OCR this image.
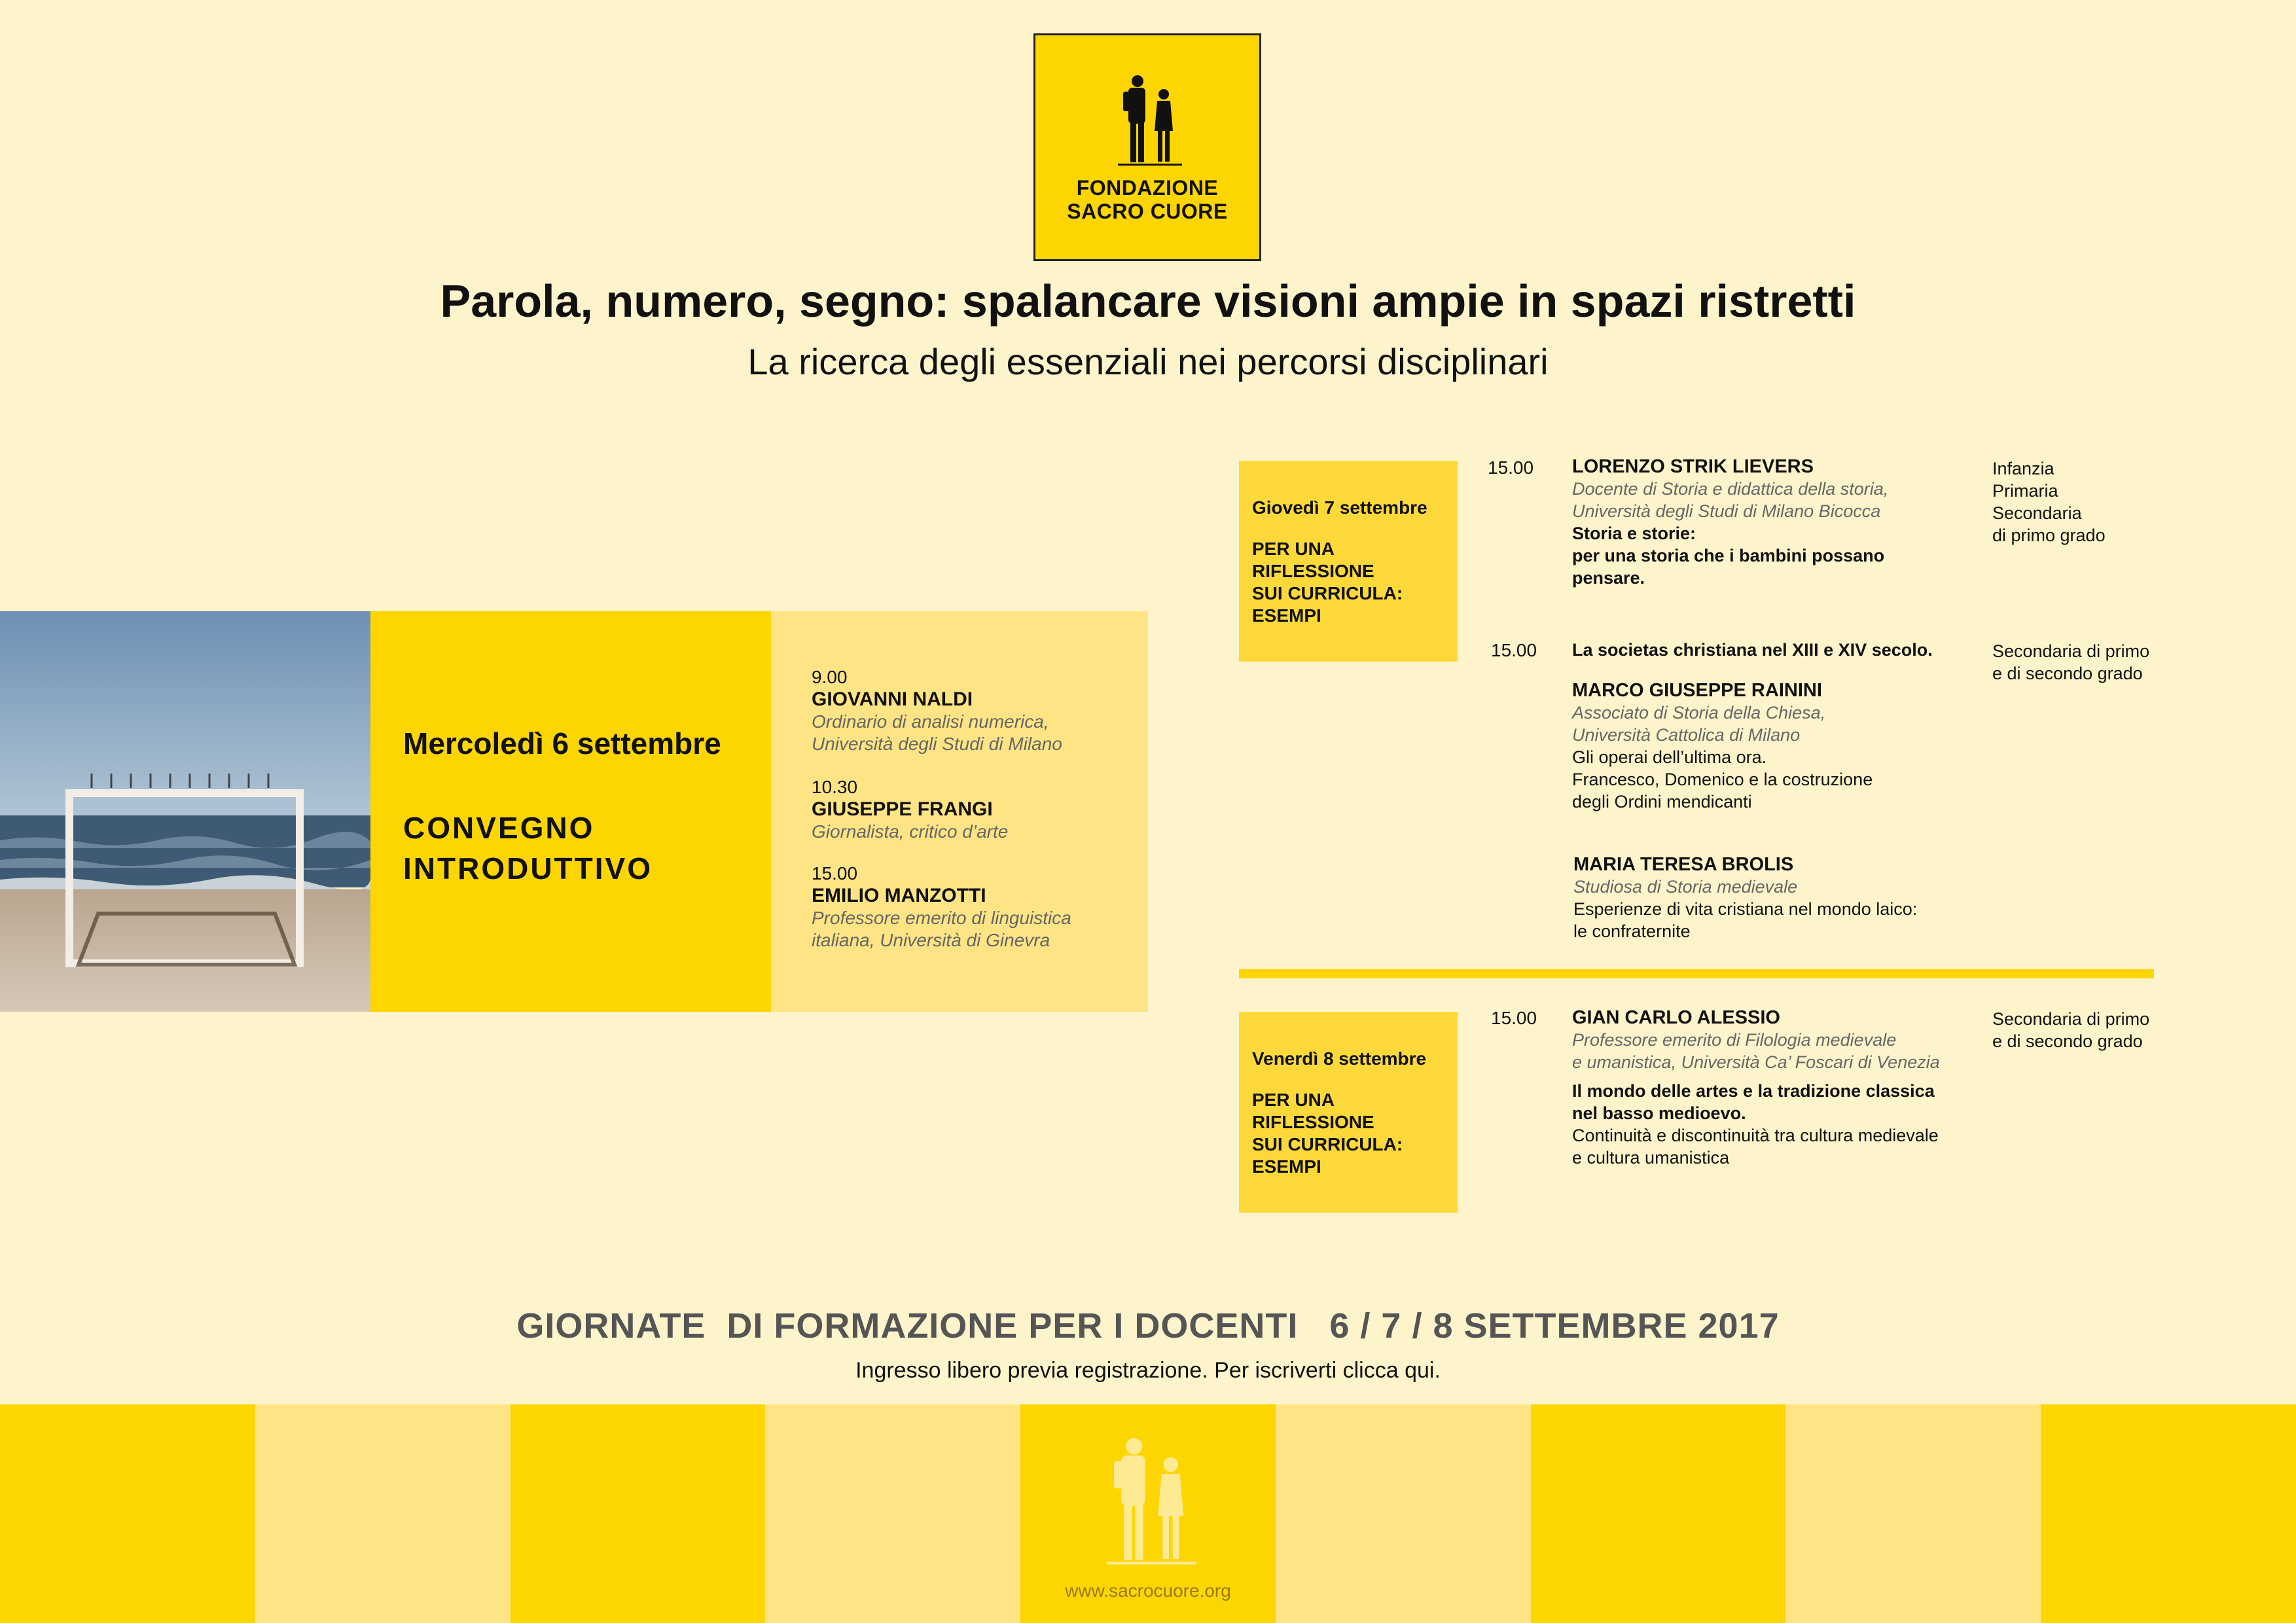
FONDAZIONE
SACRO CUORE
Parola, numero, segno: spalancare visioni ampie in spazi ristretti
La ricerca degli essenziali nei percorsi disciplinari
Mercoledì 6 settembre
CONVEGNO
INTRODUTTIVO
9.00
GIOVANNI NALDI
Ordinario di analisi numerica,
Università degli Studi di Milano
10.30
GIUSEPPE FRANGI
Giornalista, critico d’arte
15.00
EMILIO MANZOTTI
Professore emerito di linguistica
italiana, Università di Ginevra
Giovedì 7 settembre
PER UNA
RIFLESSIONE
SUI CURRICULA:
ESEMPI
15.00 LORENZO STRIK LIEVERS
Docente di Storia e didattica della storia,
Università degli Studi di Milano Bicocca
Storia e storie:
per una storia che i bambini possano
pensare.
Infanzia
Primaria
Secondaria
di primo grado
15.00 La societas christiana nel XIII e XIV secolo.
MARCO GIUSEPPE RAININI
Associato di Storia della Chiesa,
Università Cattolica di Milano
Gli operai dell’ultima ora.
Francesco, Domenico e la costruzione
degli Ordini mendicanti
MARIA TERESA BROLIS
Studiosa di Storia medievale
Esperienze di vita cristiana nel mondo laico:
le confraternite
Secondaria di primo
e di secondo grado
Venerdì 8 settembre
PER UNA
RIFLESSIONE
SUI CURRICULA:
ESEMPI
15.00 GIAN CARLO ALESSIO
Professore emerito di Filologia medievale
e umanistica, Università Ca’ Foscari di Venezia
Il mondo delle artes e la tradizione classica
nel basso medioevo.
Continuità e discontinuità tra cultura medievale
e cultura umanistica
Secondaria di primo
e di secondo grado
GIORNATE  DI FORMAZIONE PER I DOCENTI   6 / 7 / 8 SETTEMBRE 2017
Ingresso libero previa registrazione. Per iscriverti clicca qui.
www.sacrocuore.org
